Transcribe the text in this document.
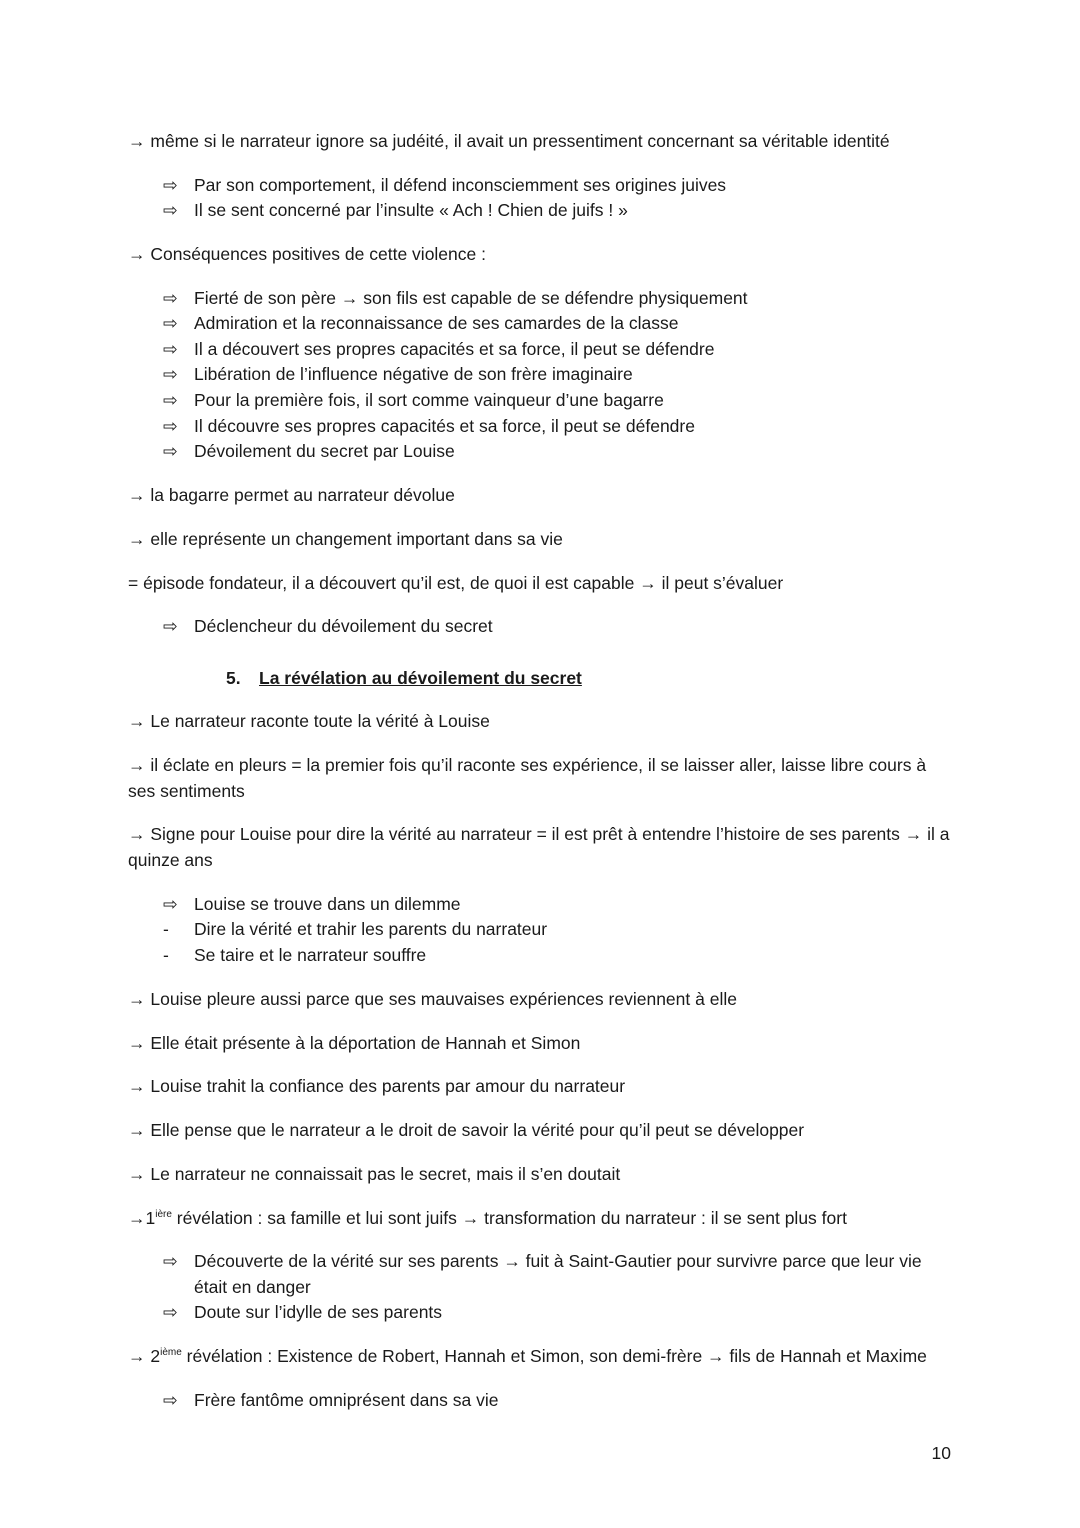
→ même si le narrateur ignore sa judéité, il avait un pressentiment concernant sa véritable identité
⇨ Par son comportement, il défend inconsciemment ses origines juives
⇨ Il se sent concerné par l’insulte « Ach ! Chien de juifs ! »
→ Conséquences positives de cette violence :
⇨ Fierté de son père → son fils est capable de se défendre physiquement
⇨ Admiration et la reconnaissance de ses camardes de la classe
⇨ Il a découvert ses propres capacités et sa force, il peut se défendre
⇨ Libération de l’influence négative de son frère imaginaire
⇨ Pour la première fois, il sort comme vainqueur d’une bagarre
⇨ Il découvre ses propres capacités et sa force, il peut se défendre
⇨ Dévoilement du secret par Louise
→ la bagarre permet au narrateur dévolue
→ elle représente un changement important dans sa vie
= épisode fondateur, il a découvert qu’il est, de quoi il est capable → il peut s’évaluer
⇨ Déclencheur du dévoilement du secret
5. La révélation au dévoilement du secret
→ Le narrateur raconte toute la vérité à Louise
→ il éclate en pleurs = la premier fois qu’il raconte ses expérience, il se laisser aller, laisse libre cours à ses sentiments
→ Signe pour Louise pour dire la vérité au narrateur = il est prêt à entendre l’histoire de ses parents → il a quinze ans
⇨ Louise se trouve dans un dilemme
- Dire la vérité et trahir les parents du narrateur
- Se taire et le narrateur souffre
→ Louise pleure aussi parce que ses mauvaises expériences reviennent à elle
→ Elle était présente à la déportation de Hannah et Simon
→ Louise trahit la confiance des parents par amour du narrateur
→ Elle pense que le narrateur a le droit de savoir la vérité pour qu’il peut se développer
→ Le narrateur ne connaissait pas le secret, mais il s’en doutait
$\to 1^{ière}$ révélation : sa famille et lui sont juifs → transformation du narrateur : il se sent plus fort
⇨ Découverte de la vérité sur ses parents → fuit à Saint-Gautier pour survivre parce que leur vie était en danger
⇨ Doute sur l’idylle de ses parents
→ 2ième révélation : Existence de Robert, Hannah et Simon, son demi-frère → fils de Hannah et Maxime
⇨ Frère fantôme omniprésent dans sa vie
10
